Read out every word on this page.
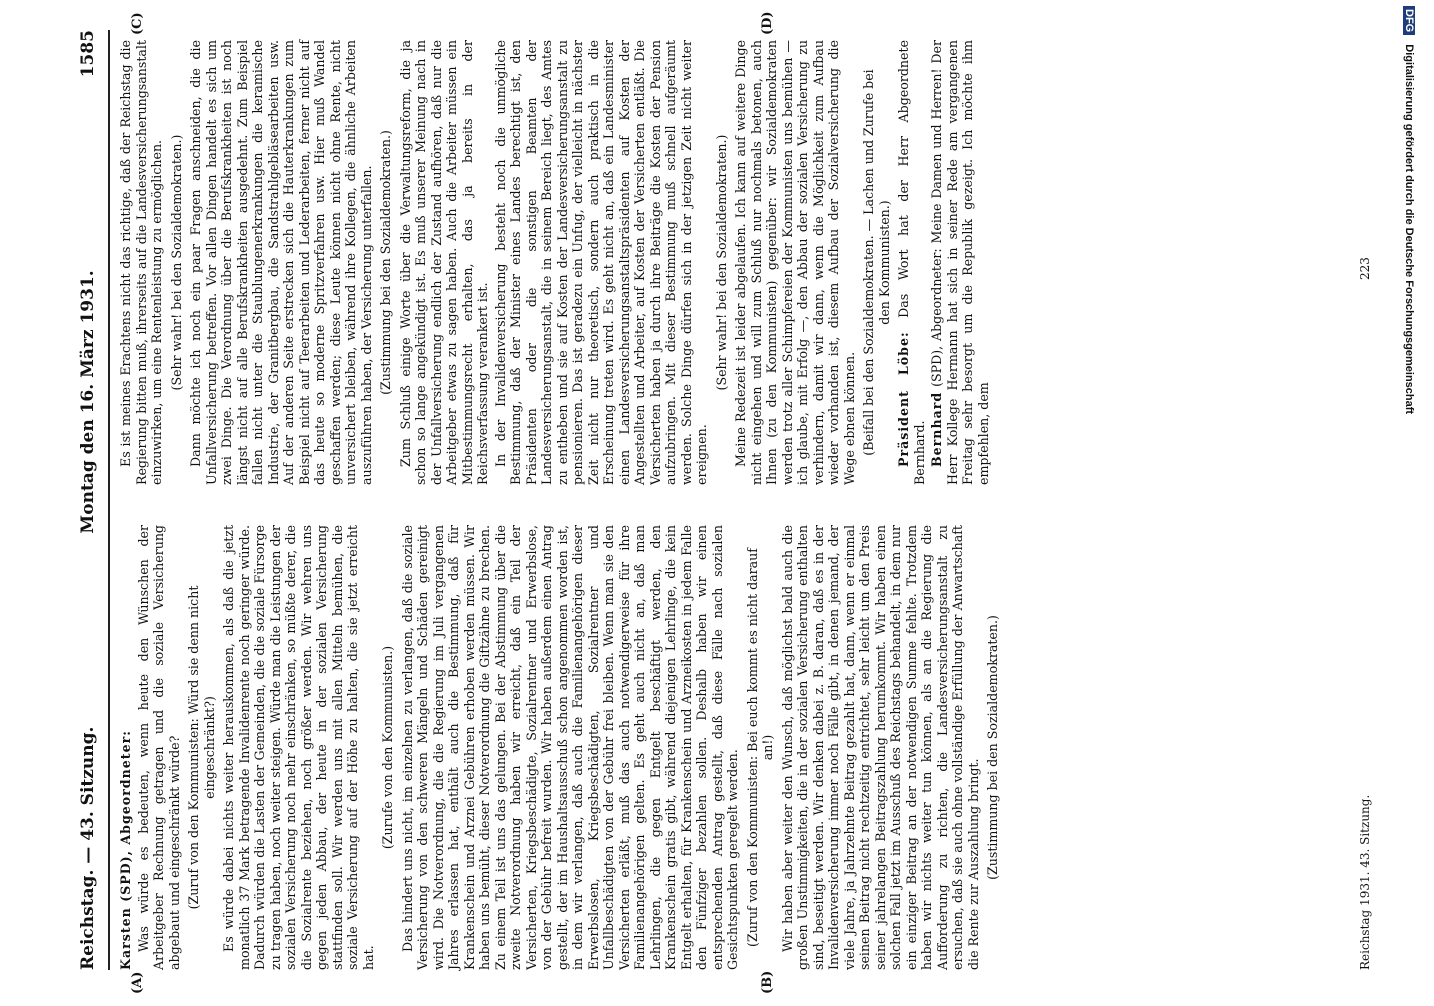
Reichstag. — 43. Sitzung.
Montag den 16. März 1931.
1585

Karsten (SPD), Abgeordneter: Was würde es bedeuten, wenn heute den Wünschen der Arbeitgeber Rechnung getragen und die soziale Versicherung abgebaut und eingeschränkt würde? (Zuruf von den Kommunisten: Würd sie denn nicht eingeschränkt?) Es würde dabei nichts weiter herauskommen, als daß die jetzt monatlich 37 Mark betragende Invalidenrente noch geringer würde. Dadurch würden die Lasten der Gemeinden, die die soziale Fürsorge zu tragen haben, noch weiter steigen. Würde man die Leistungen der sozialen Versicherung noch mehr einschränken, so müßte derer, die die Sozialrente beziehen, noch größer werden. Wir wehren uns gegen jeden Abbau, der heute in der sozialen Versicherung stattfinden soll. Wir werden uns mit allen Mitteln bemühen, die soziale Versicherung auf der Höhe zu halten, die sie jetzt erreicht hat.

(Zurufe von den Kommunisten.) Das hindert uns nicht, im einzelnen zu verlangen, daß die soziale Versicherung von den schweren Mängeln und Schäden gereinigt wird. Die Notverordnung, die die Regierung im Juli vergangenen Jahres erlassen hat, enthält auch die Bestimmung, daß für Krankenschein und Arznei Gebühren erhoben werden müssen. Wir haben uns bemüht, dieser Notverordnung die Giftzähne zu brechen. Zu einem Teil ist uns das gelungen. Bei der Abstimmung über die zweite Notverordnung haben wir erreicht, daß ein Teil der Versicherten, Kriegsbeschädigte, Sozialrentner und Erwerbslose, von der Gebühr befreit wurden. Wir haben außerdem einen Antrag gestellt, der im Haushaltsausschuß schon angenommen worden ist, in dem wir verlangen, daß auch die Familienangehörigen dieser Erwerbslosen, Kriegsbeschädigten, Sozialrentner und Unfallbeschädigten von der Gebühr frei bleiben. Wenn man sie den Versicherten erläßt, muß das auch notwendigerweise für ihre Familienangehörigen gelten. Es geht auch nicht an, daß man Lehrlingen, die gegen Entgelt beschäftigt werden, den Krankenschein gratis gibt, während diejenigen Lehrlinge, die kein Entgelt erhalten, für Krankenschein und Arzneikosten in jedem Falle den Fünfziger bezahlen sollen. Deshalb haben wir einen entsprechenden Antrag gestellt, daß diese Fälle nach sozialen Gesichtspunkten geregelt werden. (Zuruf von den Kommunisten: Bei euch kommt es nicht darauf an!) Wir haben aber weiter den Wunsch, daß möglichst bald auch die großen Unstimmigkeiten, die in der sozialen Versicherung enthalten sind, beseitigt werden. Wir denken dabei z. B. daran, daß es in der Invalidenversicherung immer noch Fälle gibt, in denen jemand, der viele Jahre, ja Jahrzehnte Beitrag gezahlt hat, dann, wenn er einmal seinen Beitrag nicht rechtzeitig entrichtet, sehr leicht um den Preis seiner jahrelangen Beitragszahlung herumkommt. Wir haben einen solchen Fall jetzt im Ausschuß des Reichstags behandelt, in dem nur ein einziger Beitrag an der notwendigen Summe fehlte. Trotzdem haben wir nichts weiter tun können, als an die Regierung die Aufforderung zu richten, die Landesversicherungsanstalt zu ersuchen, daß sie auch ohne vollständige Erfüllung der Anwartschaft die Rente zur Auszahlung bringt. (Zustimmung bei den Sozialdemokraten.)

Es ist meines Erachtens nicht das richtige, daß der Reichstag die Regierung bitten muß, ihrerseits auf die Landesversicherungsanstalt einzuwirken, um eine Rentenleistung zu ermöglichen. (Sehr wahr! bei den Sozialdemokraten.) Dann möchte ich noch ein paar Fragen anschneiden, die die Unfallversicherung betreffen. Vor allen Dingen handelt es sich um zwei Dinge. Die Verordnung über die Berufskrankheiten ist noch längst nicht auf alle Berufskrankheiten ausgedehnt. Zum Beispiel fallen nicht unter die Staublungenerkrankungen die keramische Industrie, der Granitbergbau, die Sandstrahlgebläsearbeiten usw. Auf der anderen Seite erstrecken sich die Hauterkrankungen zum Beispiel nicht auf Teerarbeiten und Lederarbeiten, ferner nicht auf das heute so moderne Spritzverfahren usw. Hier muß Wandel geschaffen werden; diese Leute können nicht ohne Rente, nicht unversichert bleiben, während ihre Kollegen, die ähnliche Arbeiten auszuführen haben, der Versicherung unterfallen. (Zustimmung bei den Sozialdemokraten.) Zum Schluß einige Worte über die Verwaltungsreform, die ja schon so lange angekündigt ist. Es muß unserer Meinung nach in der Unfallversicherung endlich der Zustand aufhören, daß nur die Arbeitgeber etwas zu sagen haben. Auch die Arbeiter müssen ein Mitbestimmungsrecht erhalten, das ja bereits in der Reichsverfassung verankert ist. In der Invalidenversicherung besteht noch die unmögliche Bestimmung, daß der Minister eines Landes berechtigt ist, den Präsidenten oder die sonstigen Beamten der Landesversicherungsanstalt, die in seinem Bereich liegt, des Amtes zu entheben und sie auf Kosten der Landesversicherungsanstalt zu pensionieren. Das ist geradezu ein Unfug, der vielleicht in nächster Zeit nicht nur theoretisch, sondern auch praktisch in die Erscheinung treten wird. Es geht nicht an, daß ein Landesminister einen Landesversicherungsanstaltspräsidenten auf Kosten der Angestellten und Arbeiter, auf Kosten der Versicherten entläßt. Die Versicherten haben ja durch ihre Beiträge die Kosten der Pension aufzubringen. Mit dieser Bestimmung muß schnell aufgeräumt werden. Solche Dinge dürfen sich in der jetzigen Zeit nicht weiter ereignen.

(Sehr wahr! bei den Sozialdemokraten.) Meine Redezeit ist leider abgelaufen. Ich kann auf weitere Dinge nicht eingehen und will zum Schluß nur nochmals betonen, auch Ihnen (zu den Kommunisten) gegenüber: wir Sozialdemokraten werden trotz aller Schimpfereien der Kommunisten uns bemühen — ich glaube, mit Erfolg —, den Abbau der sozialen Versicherung zu verhindern, damit wir dann, wenn die Möglichkeit zum Aufbau wieder vorhanden ist, diesem Aufbau der Sozialversicherung die Wege ebnen können. (Beifall bei den Sozialdemokraten. — Lachen und Zurufe bei den Kommunisten.)

Präsident Löbe: Das Wort hat der Herr Abgeordnete Bernhard. Bernhard (SPD), Abgeordneter: Meine Damen und Herren! Der Herr Kollege Hermann hat sich in seiner Rede am vergangenen Freitag sehr besorgt um die Republik gezeigt. Ich möchte ihm empfehlen, dem

(A)	(B)
(C)	(D)
Reichstag 1931. 43. Sitzung.
223
DFG Digitalisierung gefördert durch die Deutsche Forschungsgemeinschaft
